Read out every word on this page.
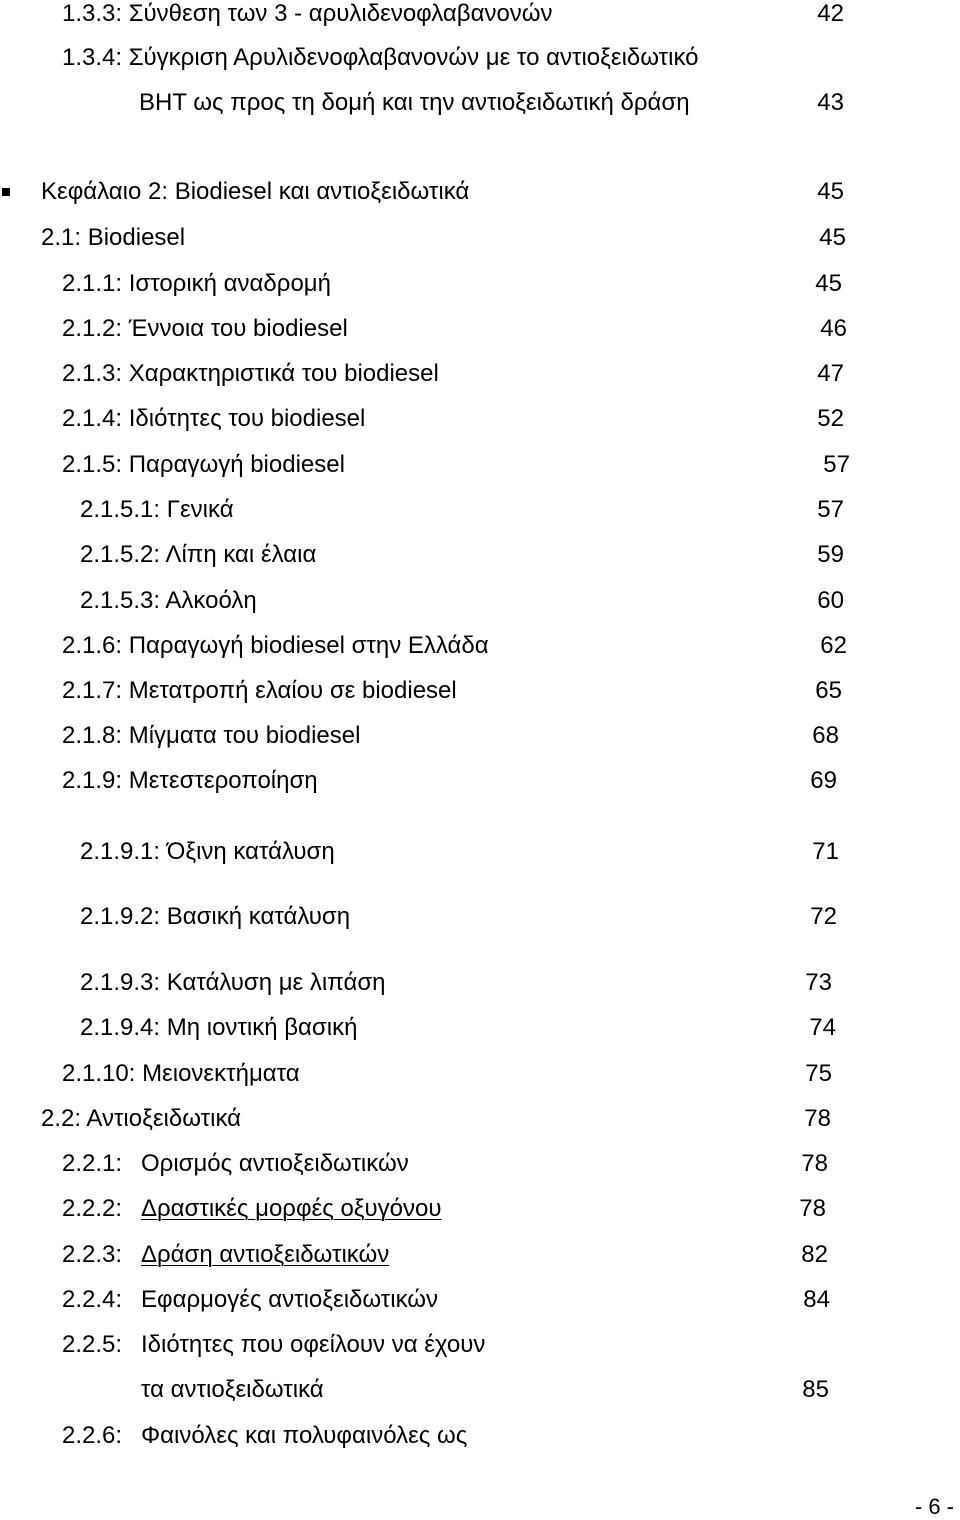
1.3.3: Σύνθεση των 3 - αρυλιδενοφλαβανονών	42
1.3.4: Σύγκριση Αρυλιδενοφλαβανονών με το αντιοξειδωτικό
BHT ως προς τη δομή και την αντιοξειδωτική δράση	43
Κεφάλαιο 2: Biodiesel και αντιοξειδωτικά	45
2.1: Biodiesel	45
2.1.1: Ιστορική αναδρομή	45
2.1.2: Έννοια του biodiesel	46
2.1.3: Χαρακτηριστικά του biodiesel	47
2.1.4: Ιδιότητες του biodiesel	52
2.1.5: Παραγωγή biodiesel	57
2.1.5.1: Γενικά	57
2.1.5.2: Λίπη και έλαια	59
2.1.5.3: Αλκοόλη	60
2.1.6: Παραγωγή biodiesel στην Ελλάδα	62
2.1.7: Μετατροπή ελαίου σε biodiesel	65
2.1.8: Μίγματα του biodiesel	68
2.1.9: Μετεστεροποίηση	69
2.1.9.1: Όξινη κατάλυση	71
2.1.9.2: Βασική κατάλυση	72
2.1.9.3: Κατάλυση με λιπάση	73
2.1.9.4: Μη ιοντική βασική	74
2.1.10: Μειονεκτήματα	75
2.2: Αντιοξειδωτικά	78
2.2.1: Ορισμός αντιοξειδωτικών	78
2.2.2: Δραστικές μορφές οξυγόνου	78
2.2.3: Δράση αντιοξειδωτικών	82
2.2.4: Εφαρμογές αντιοξειδωτικών	84
2.2.5: Ιδιότητες που οφείλουν να έχουν
τα αντιοξειδωτικά	85
2.2.6: Φαινόλες και πολυφαινόλες ως
- 6 -
